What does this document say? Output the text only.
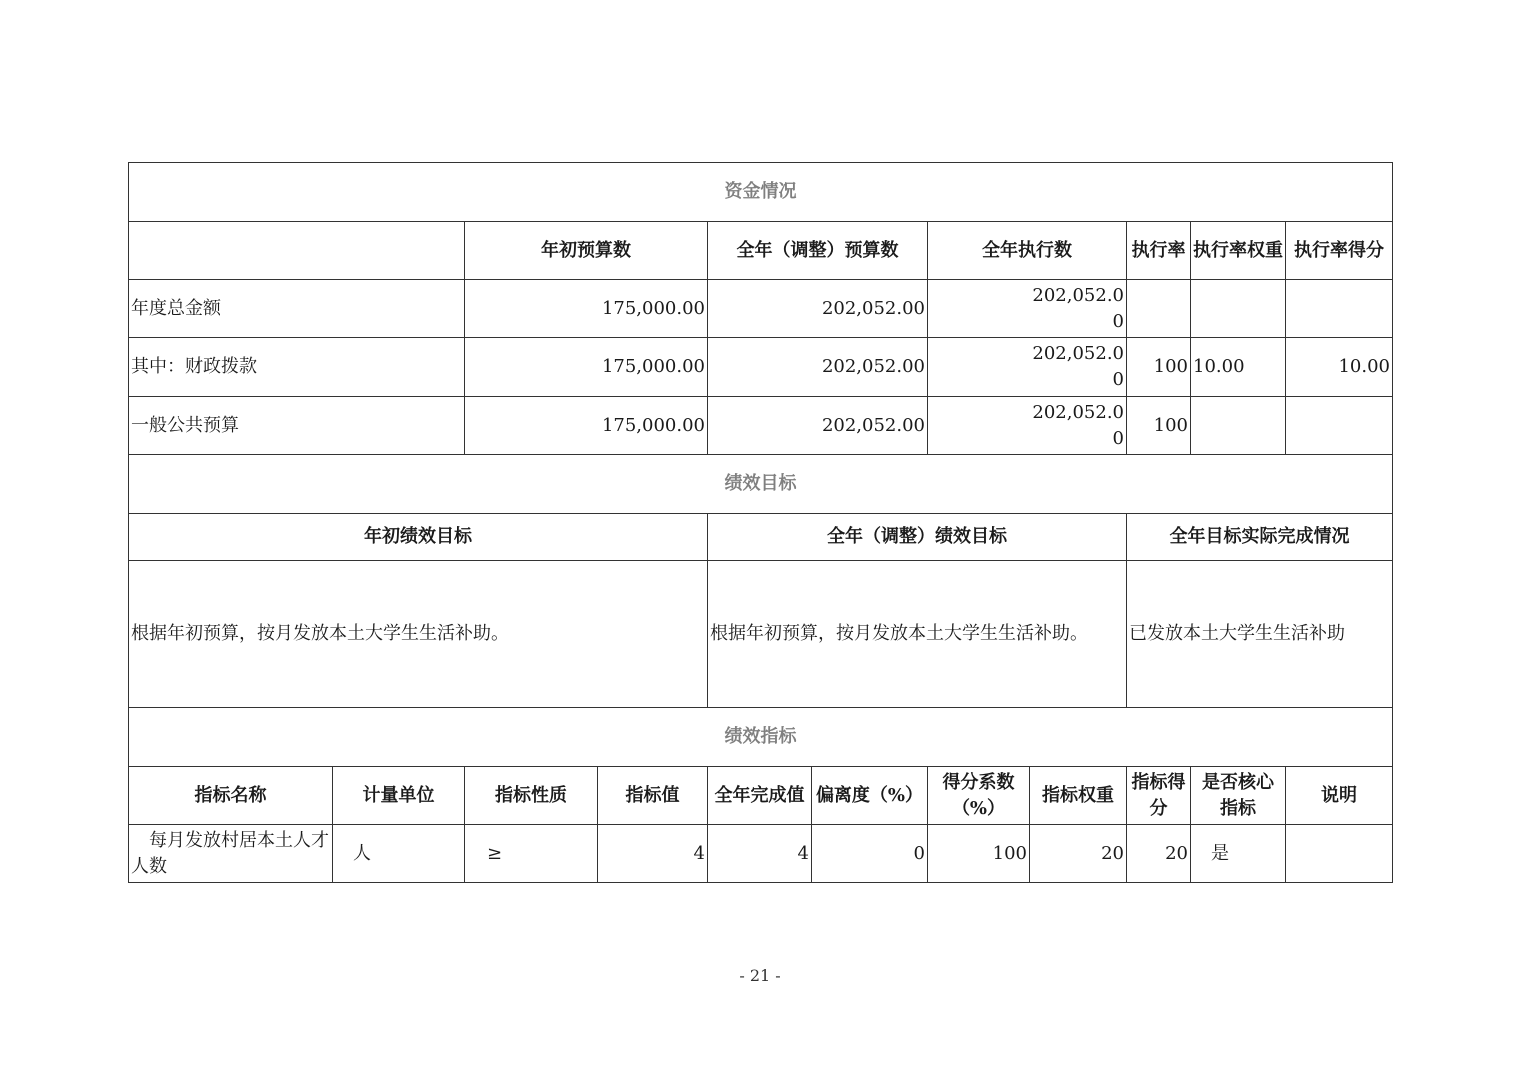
资金情况										
		年初预算数		全年（调整）预算数		全年执行数		执行率	执行率权重	执行率得分
年度总金额		175,000.00		202,052.00		202,052.00				
其中：财政拨款		175,000.00		202,052.00		202,052.00		100	10.00	10.00
一般公共预算		175,000.00		202,052.00		202,052.00		100		
绩效目标										
年初绩效目标				全年（调整）绩效目标				全年目标实际完成情况		
根据年初预算，按月发放本土大学生生活补助。				根据年初预算，按月发放本土大学生生活补助。				已发放本土大学生生活补助		
绩效指标										
指标名称	计量单位	指标性质	指标值	全年完成值	偏离度（%）	得分系数（%）	指标权重	指标得分	是否核心指标	说明
每月发放村居本土人才人数	人	≥	4	4	0	100	20	20	是	
- 21 -
